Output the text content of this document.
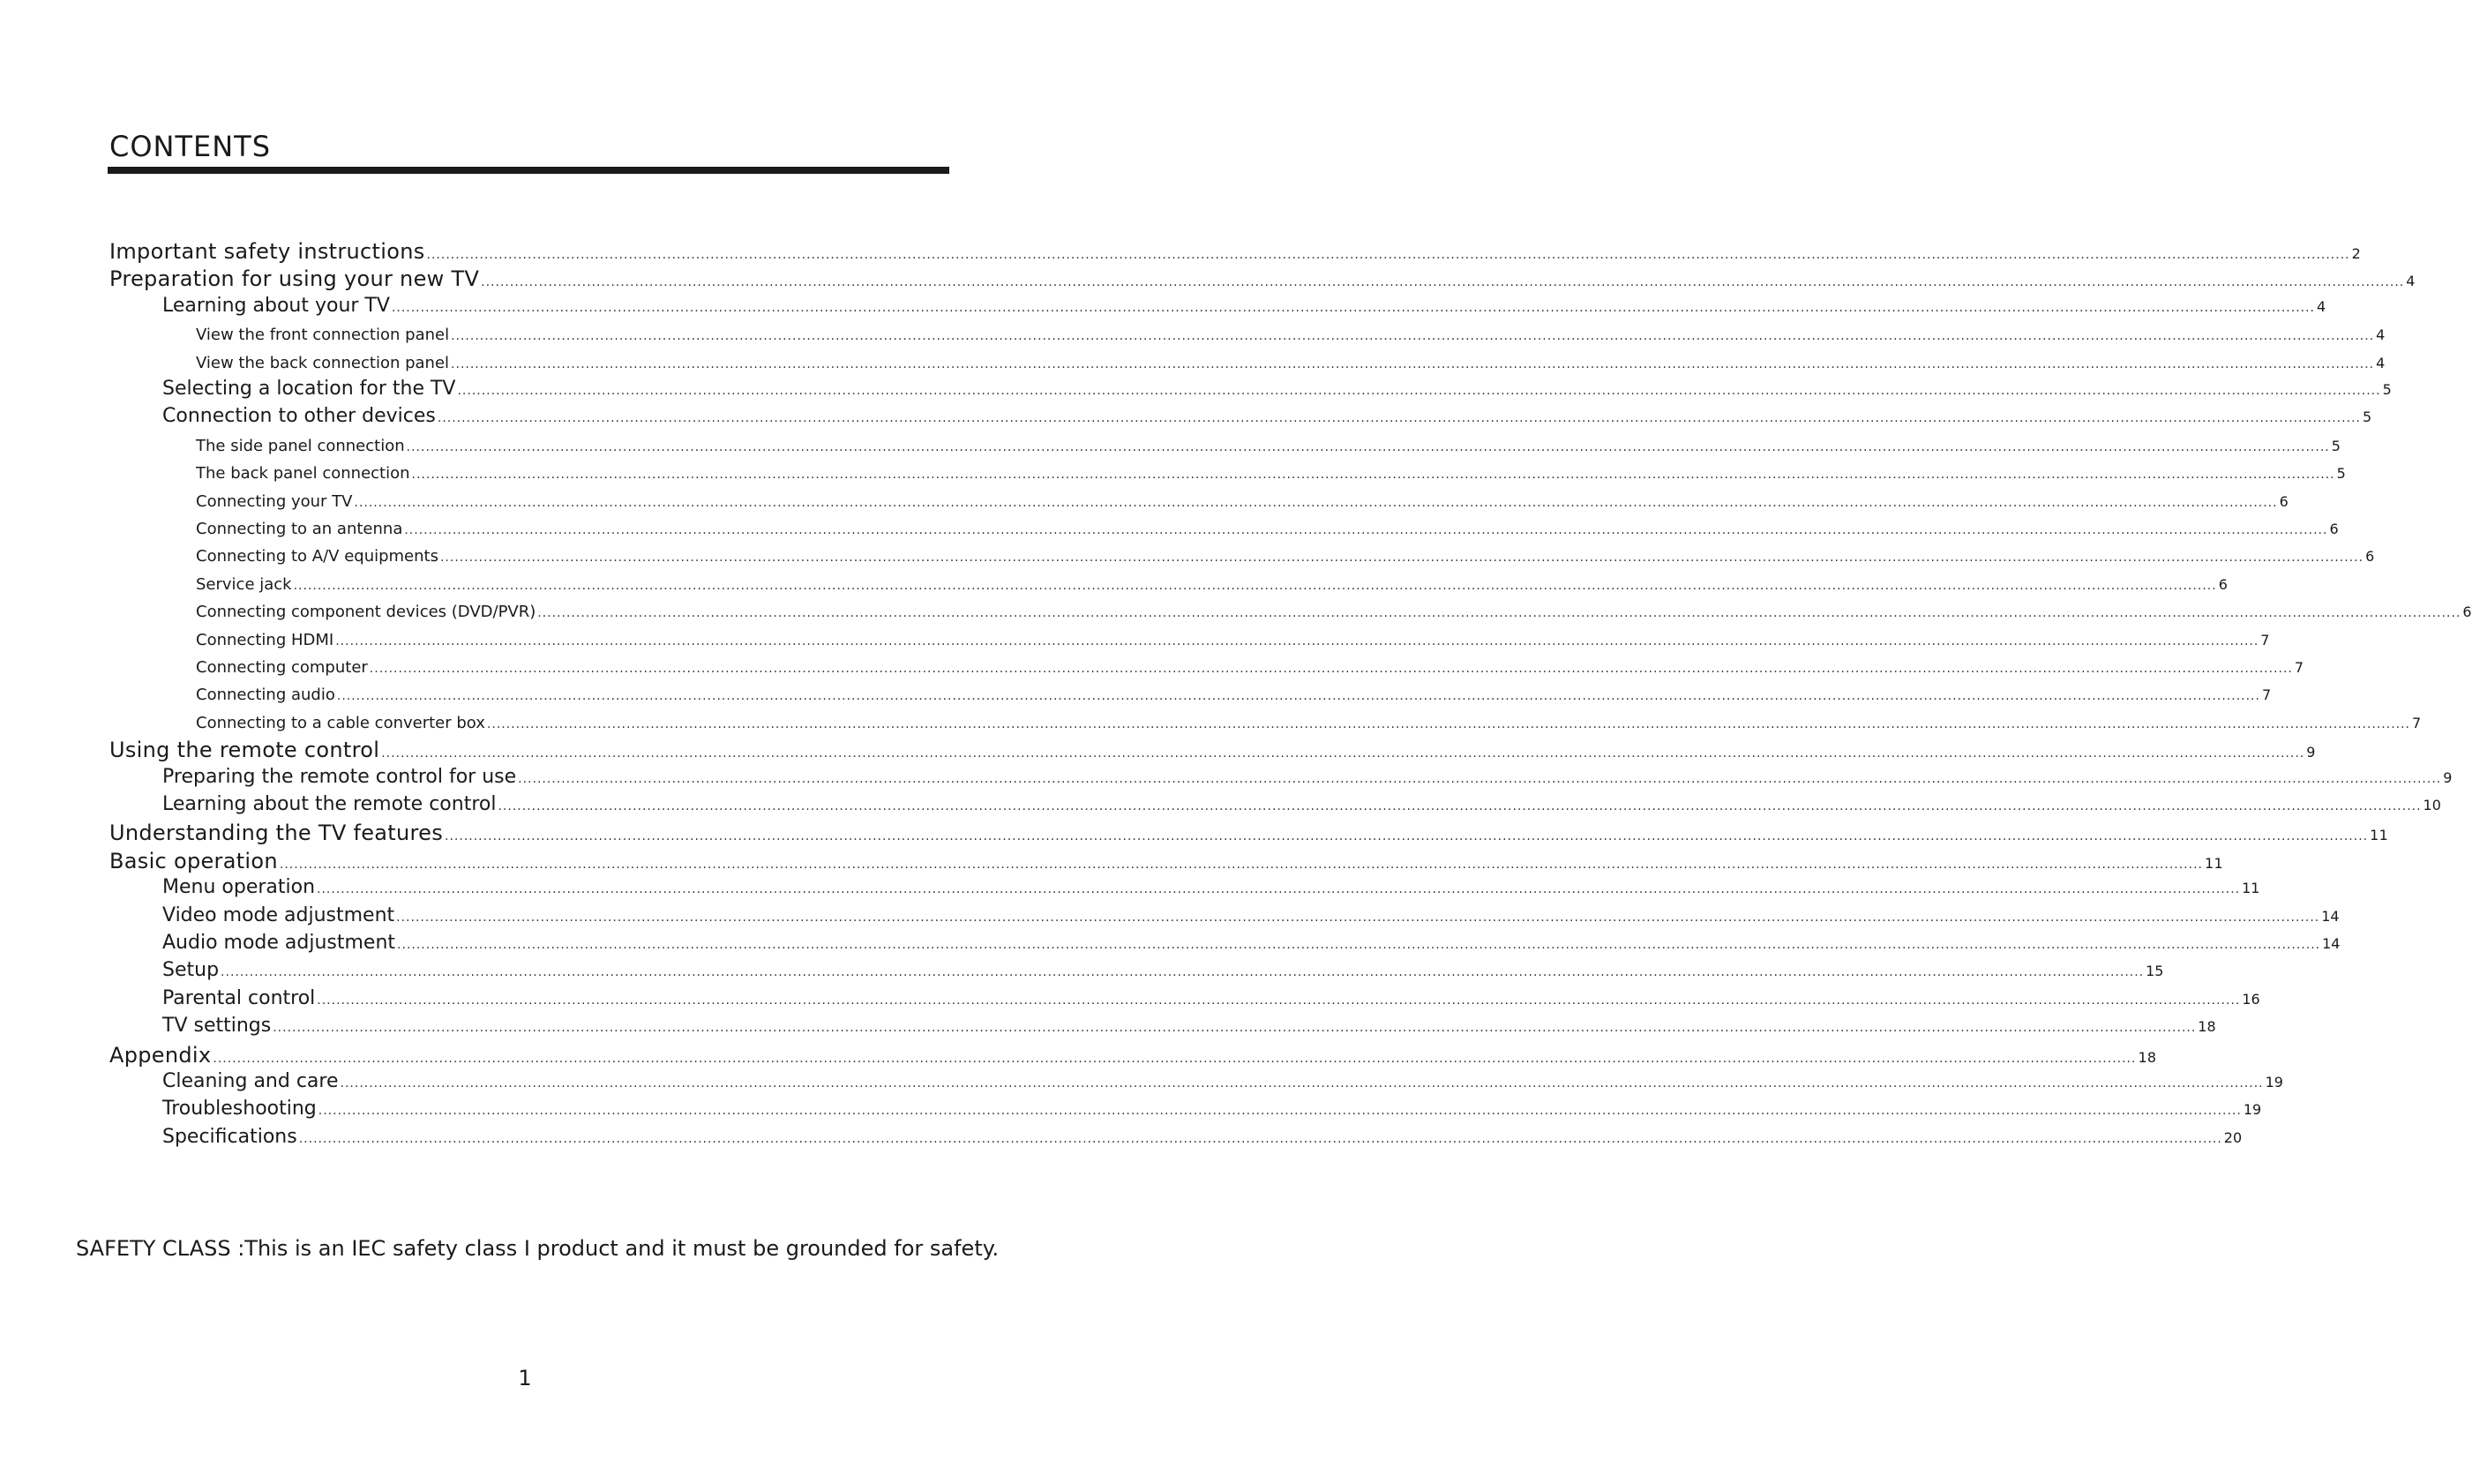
CONTENTS
Important safety instructions ................................................................................................................................................................................................................................................................................................................................................................................................................ 2
Preparation for using your new TV ................................................................................................................................................................................................................................................................................................................................................................................................................ 4
Learning about your TV ................................................................................................................................................................................................................................................................................................................................................................................................................ 4
View the front connection panel ................................................................................................................................................................................................................................................................................................................................................................................................................ 4
View the back connection panel ................................................................................................................................................................................................................................................................................................................................................................................................................ 4
Selecting a location for the TV ................................................................................................................................................................................................................................................................................................................................................................................................................ 5
Connection to other devices ................................................................................................................................................................................................................................................................................................................................................................................................................ 5
The side panel connection ................................................................................................................................................................................................................................................................................................................................................................................................................ 5
The back panel connection ................................................................................................................................................................................................................................................................................................................................................................................................................ 5
Connecting your TV ................................................................................................................................................................................................................................................................................................................................................................................................................ 6
Connecting to an antenna ................................................................................................................................................................................................................................................................................................................................................................................................................ 6
Connecting to A/V equipments ................................................................................................................................................................................................................................................................................................................................................................................................................ 6
Service jack ................................................................................................................................................................................................................................................................................................................................................................................................................ 6
Connecting component devices (DVD/PVR) ................................................................................................................................................................................................................................................................................................................................................................................................................ 6
Connecting HDMI ................................................................................................................................................................................................................................................................................................................................................................................................................ 7
Connecting computer ................................................................................................................................................................................................................................................................................................................................................................................................................ 7
Connecting audio ................................................................................................................................................................................................................................................................................................................................................................................................................ 7
Connecting to a cable converter box ................................................................................................................................................................................................................................................................................................................................................................................................................ 7
Using the remote control ................................................................................................................................................................................................................................................................................................................................................................................................................ 9
Preparing the remote control for use ................................................................................................................................................................................................................................................................................................................................................................................................................ 9
Learning about the remote control ................................................................................................................................................................................................................................................................................................................................................................................................................ 10
Understanding the TV features ................................................................................................................................................................................................................................................................................................................................................................................................................ 11
Basic operation ................................................................................................................................................................................................................................................................................................................................................................................................................ 11
Menu operation ................................................................................................................................................................................................................................................................................................................................................................................................................ 11
Video mode adjustment ................................................................................................................................................................................................................................................................................................................................................................................................................ 14
Audio mode adjustment ................................................................................................................................................................................................................................................................................................................................................................................................................ 14
Setup ................................................................................................................................................................................................................................................................................................................................................................................................................ 15
Parental control ................................................................................................................................................................................................................................................................................................................................................................................................................ 16
TV settings ................................................................................................................................................................................................................................................................................................................................................................................................................ 18
Appendix ................................................................................................................................................................................................................................................................................................................................................................................................................ 18
Cleaning and care ................................................................................................................................................................................................................................................................................................................................................................................................................ 19
Troubleshooting ................................................................................................................................................................................................................................................................................................................................................................................................................ 19
Specifications ................................................................................................................................................................................................................................................................................................................................................................................................................ 20
SAFETY CLASS :This is an IEC safety class I product and it must be grounded for safety.
1
